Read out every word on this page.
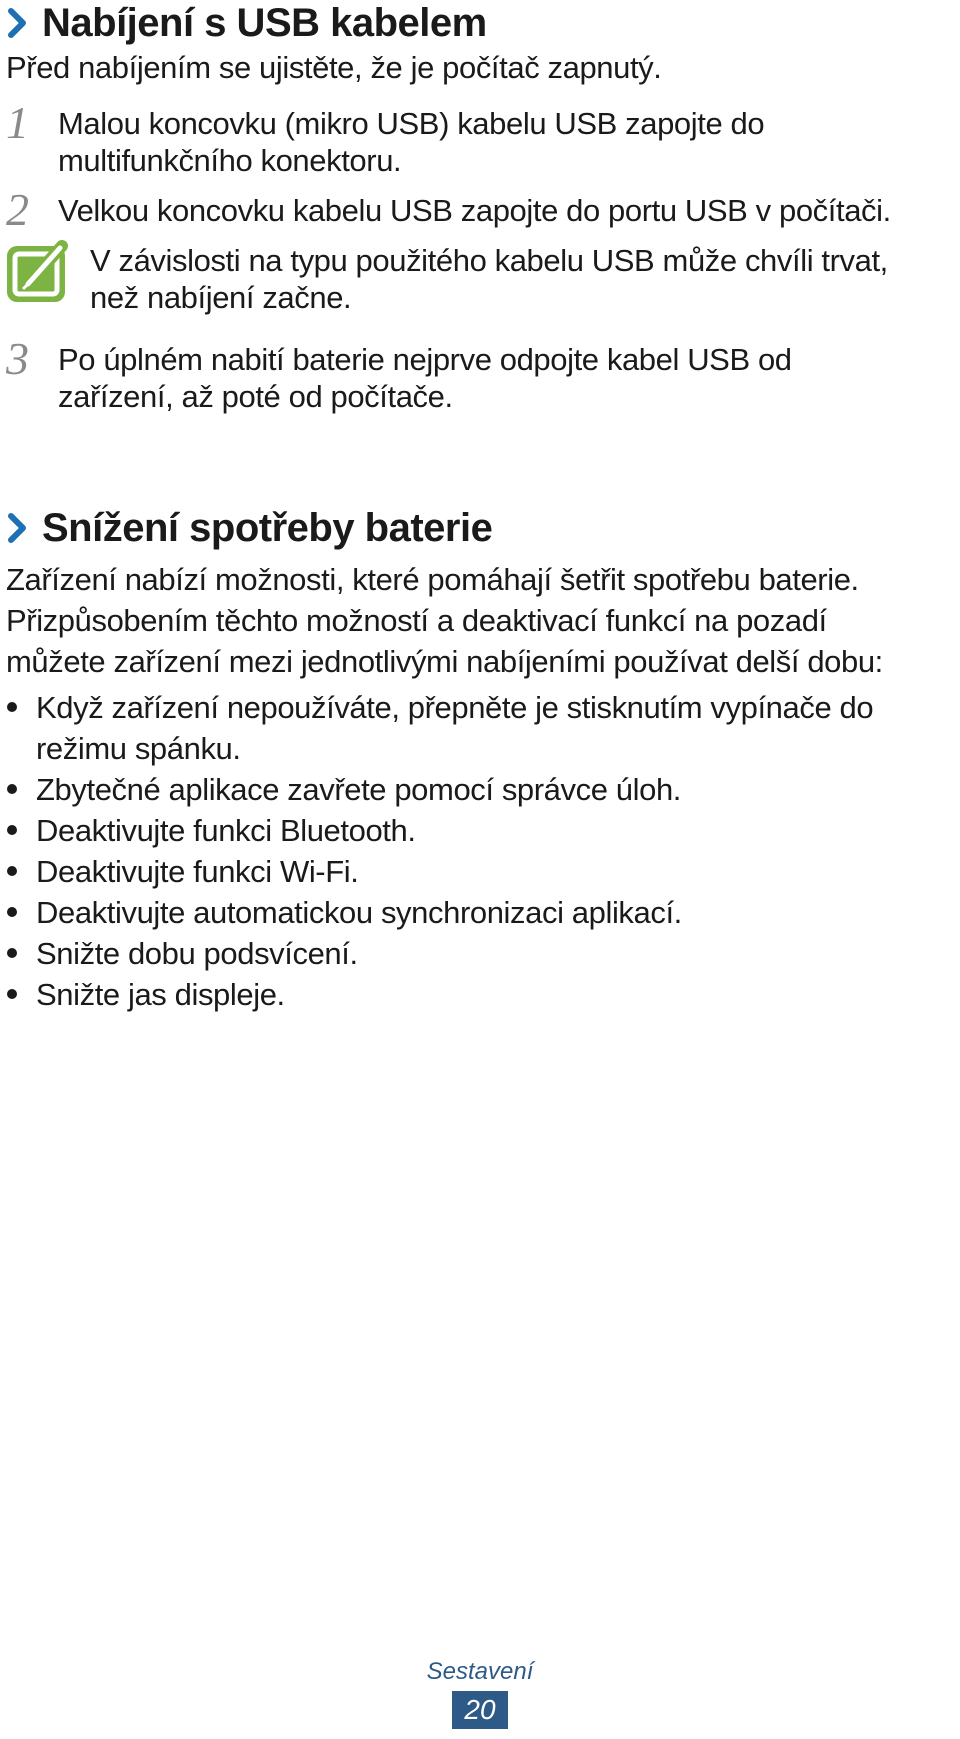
Nabíjení s USB kabelem
Před nabíjením se ujistěte, že je počítač zapnutý.
1 Malou koncovku (mikro USB) kabelu USB zapojte do
multifunkčního konektoru.
2 Velkou koncovku kabelu USB zapojte do portu USB v počítači.
V závislosti na typu použitého kabelu USB může chvíli trvat,
než nabíjení začne.
3 Po úplném nabití baterie nejprve odpojte kabel USB od
zařízení, až poté od počítače.
Snížení spotřeby baterie
Zařízení nabízí možnosti, které pomáhají šetřit spotřebu baterie.
Přizpůsobením těchto možností a deaktivací funkcí na pozadí
můžete zařízení mezi jednotlivými nabíjeními používat delší dobu:
Když zařízení nepoužíváte, přepněte je stisknutím vypínače do
režimu spánku.
Zbytečné aplikace zavřete pomocí správce úloh.
Deaktivujte funkci Bluetooth.
Deaktivujte funkci Wi-Fi.
Deaktivujte automatickou synchronizaci aplikací.
Snižte dobu podsvícení.
Snižte jas displeje.
Sestavení
20
